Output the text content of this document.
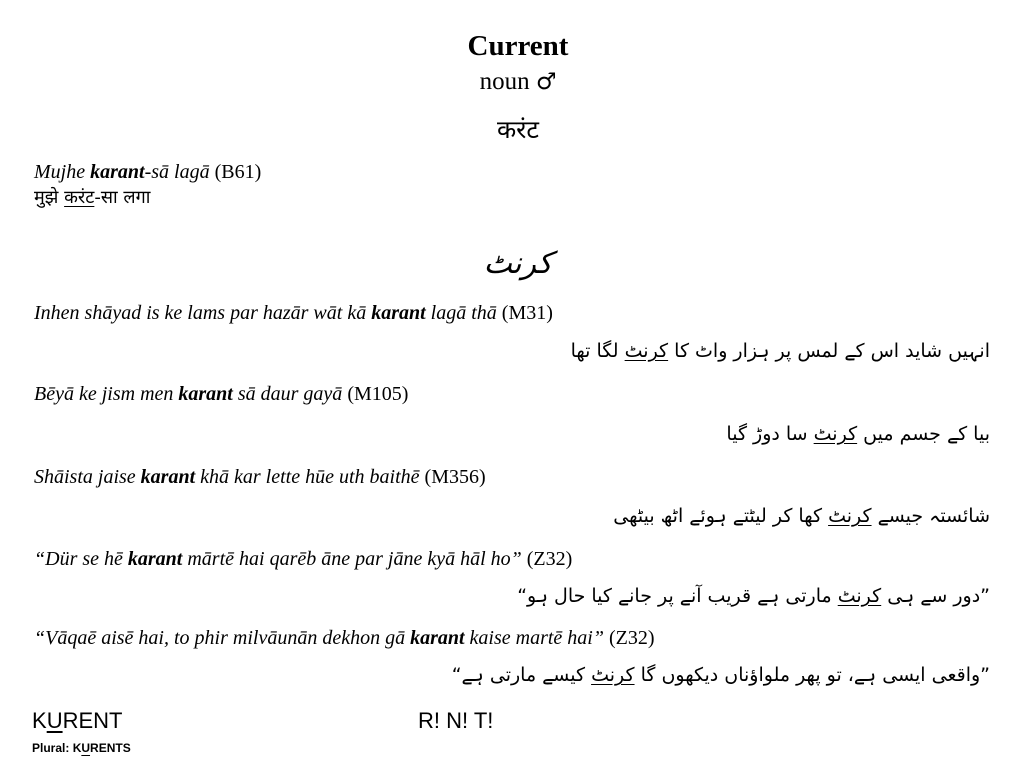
Current
noun ♂
करंट
Mujhe karant-sā lagā (B61)
मुझे करंट-सा लगा
کرنٹ
Inhen shāyad is ke lams par hazār wāt kā karant lagā thā (M31)
انہیں شاید اس کے لمس پر ہزار واٹ کا کرنٹ لگا تھا
Bēyā ke jism men karant sā daur gayā (M105)
بیا کے جسم میں کرنٹ سا دوڑ گیا
Shāista jaise karant khā kar lette hūe uth baithē (M356)
شائستہ جیسے کرنٹ کھا کر لیٹتے ہوئے اٹھ بیٹھی
“Dür se hē karant mārtē hai qarēb āne par jāne kyā hāl ho” (Z32)
”دور سے ہی کرنٹ مارتی ہے قریب آنے پر جانے کیا حال ہو“
“Vāqaē aisē hai, to phir milvāunān dekhon gā karant kaise martē hai” (Z32)
”واقعی ایسی ہے، تو پھر ملواؤناں دیکھوں گا کرنٹ کیسے مارتی ہے“
KURENT	R! N! T!
Plural: KURENTS
